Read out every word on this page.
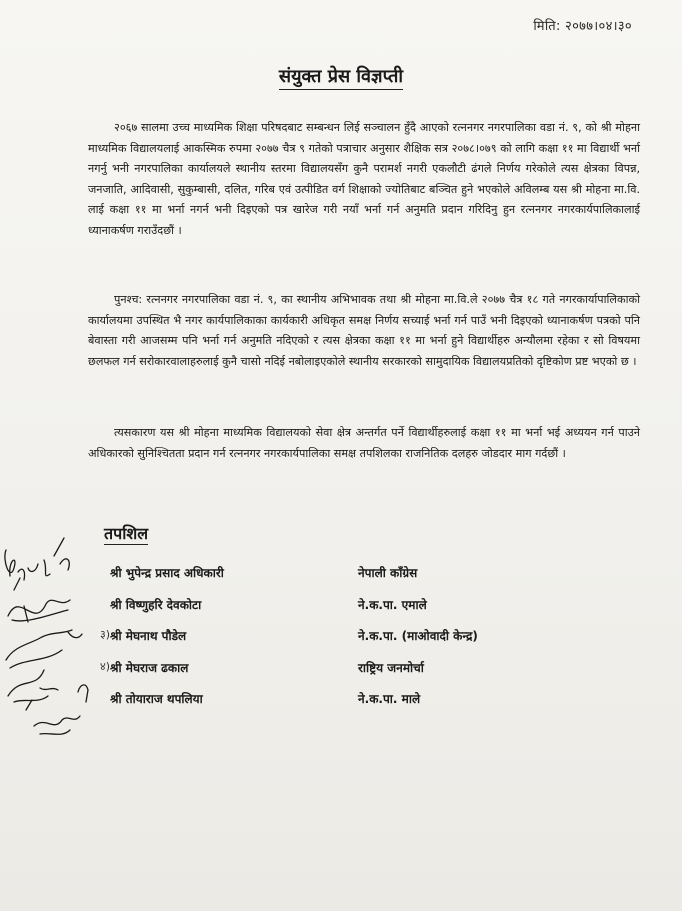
मिति: २०७७।०४।३०
संयुक्त प्रेस विज्ञप्ती

२०६७ सालमा उच्च माध्यमिक शिक्षा परिषदबाट सम्बन्धन लिई सञ्चालन हुँदै आएको रत्ननगर नगरपालिका वडा नं. ९, को श्री मोहना माध्यमिक विद्यालयलाई आकस्मिक रुपमा २०७७ चैत्र ९ गतेको पत्राचार अनुसार शैक्षिक सत्र २०७८।०७९ को लागि कक्षा ११ मा विद्यार्थी भर्ना नगर्नु भनी नगरपालिका कार्यालयले स्थानीय स्तरमा विद्यालयसँग कुनै परामर्श नगरी एकलौटी ढंगले निर्णय गरेकोले त्यस क्षेत्रका विपन्न, जनजाति, आदिवासी, सुकुम्बासी, दलित, गरिब एवं उत्पीडित वर्ग शिक्षाको ज्योतिबाट बञ्चित हुने भएकोले अविलम्ब यस श्री मोहना मा.वि. लाई कक्षा ११ मा भर्ना नगर्न भनी दिइएको पत्र खारेज गरी नयाँ भर्ना गर्न अनुमति प्रदान गरिदिनु हुन रत्ननगर नगरकार्यपालिकालाई ध्यानाकर्षण गराउँदछौं ।

पुनश्च: रत्ननगर नगरपालिका वडा नं. ९, का स्थानीय अभिभावक तथा श्री मोहना मा.वि.ले २०७७ चैत्र १८ गते नगरकार्यापालिकाको कार्यालयमा उपस्थित भै नगर कार्यपालिकाका कार्यकारी अधिकृत समक्ष निर्णय सच्याई भर्ना गर्न पाउँ भनी दिइएको ध्यानाकर्षण पत्रको पनि बेवास्ता गरी आजसम्म पनि भर्ना गर्न अनुमति नदिएको र त्यस क्षेत्रका कक्षा ११ मा भर्ना हुने विद्यार्थीहरु अन्यौलमा रहेका र सो विषयमा छलफल गर्न सरोकारवालाहरुलाई कुनै चासो नदिई नबोलाइएकोले स्थानीय सरकारको सामुदायिक विद्यालयप्रतिको दृष्टिकोण प्रष्ट भएको छ ।

त्यसकारण यस श्री मोहना माध्यमिक विद्यालयको सेवा क्षेत्र अन्तर्गत पर्ने विद्यार्थीहरुलाई कक्षा ११ मा भर्ना भई अध्ययन गर्न पाउने अधिकारको सुनिश्चितता प्रदान गर्न रत्ननगर नगरकार्यपालिका समक्ष तपशिलका राजनितिक दलहरु जोडदार माग गर्दछौं ।

तपशिल
श्री भुपेन्द्र प्रसाद अधिकारी	नेपाली काँग्रेस
श्री विष्णुहरि देवकोटा	ने.क.पा. एमाले
३) श्री मेघनाथ पौडेल	ने.क.पा. (माओवादी केन्द्र)
४) श्री मेघराज ढकाल	राष्ट्रिय जनमोर्चा
श्री तोयाराज थपलिया	ने.क.पा. माले
